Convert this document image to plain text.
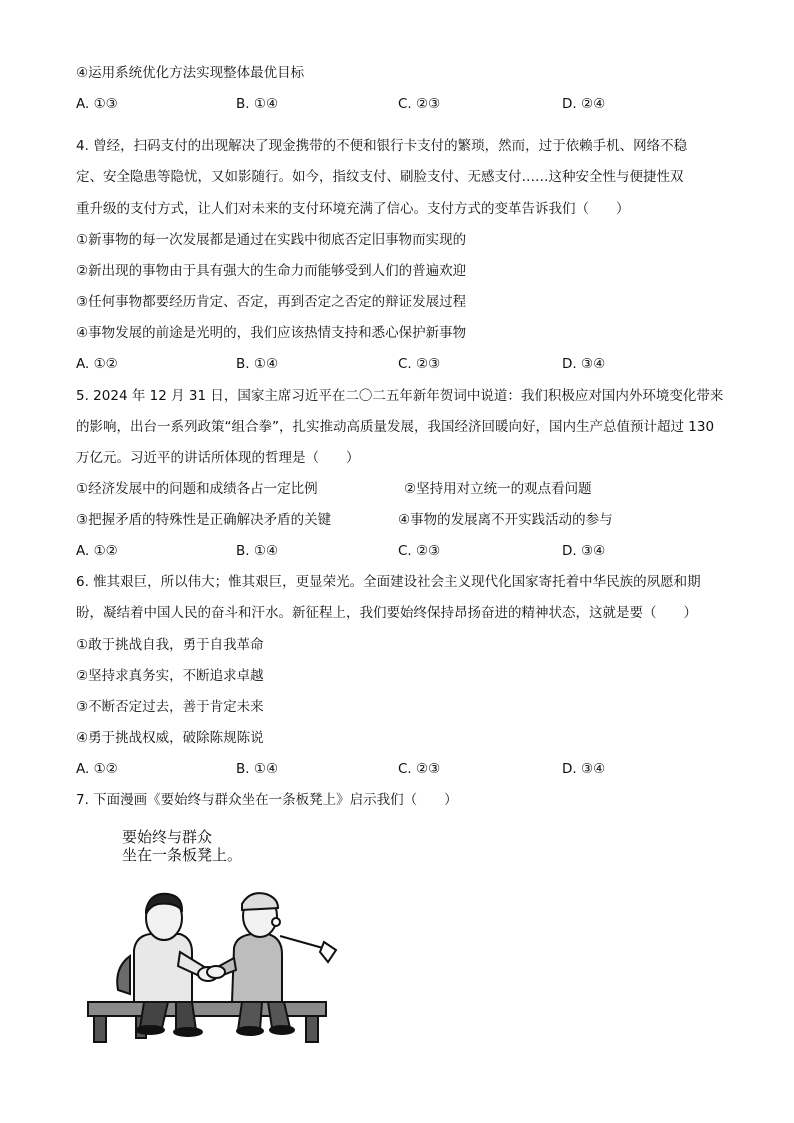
④运用系统优化方法实现整体最优目标
A. ①③	B. ①④	C. ②③	D. ②④
4. 曾经，扫码支付的出现解决了现金携带的不便和银行卡支付的繁琐，然而，过于依赖手机、网络不稳
定、安全隐患等隐忧，又如影随行。如今，指纹支付、刷脸支付、无感支付……这种安全性与便捷性双
重升级的支付方式，让人们对未来的支付环境充满了信心。支付方式的变革告诉我们（　　）
①新事物的每一次发展都是通过在实践中彻底否定旧事物而实现的
②新出现的事物由于具有强大的生命力而能够受到人们的普遍欢迎
③任何事物都要经历肯定、否定，再到否定之否定的辩证发展过程
④事物发展的前途是光明的，我们应该热情支持和悉心保护新事物
A. ①②	B. ①④	C. ②③	D. ③④
5. 2024 年 12 月 31 日，国家主席习近平在二〇二五年新年贺词中说道：我们积极应对国内外环境变化带来
的影响，出台一系列政策“组合拳”，扎实推动高质量发展，我国经济回暖向好，国内生产总值预计超过 130
万亿元。习近平的讲话所体现的哲理是（　　）
①经济发展中的问题和成绩各占一定比例	②坚持用对立统一的观点看问题
③把握矛盾的特殊性是正确解决矛盾的关键	④事物的发展离不开实践活动的参与
A. ①②	B. ①④	C. ②③	D. ③④
6. 惟其艰巨，所以伟大；惟其艰巨，更显荣光。全面建设社会主义现代化国家寄托着中华民族的夙愿和期
盼，凝结着中国人民的奋斗和汗水。新征程上，我们要始终保持昂扬奋进的精神状态，这就是要（　　）
①敢于挑战自我，勇于自我革命
②坚持求真务实，不断追求卓越
③不断否定过去，善于肯定未来
④勇于挑战权威，破除陈规陈说
A. ①②	B. ①④	C. ②③	D. ③④
7. 下面漫画《要始终与群众坐在一条板凳上》启示我们（　　）
要始终与群众
坐在一条板凳上。
